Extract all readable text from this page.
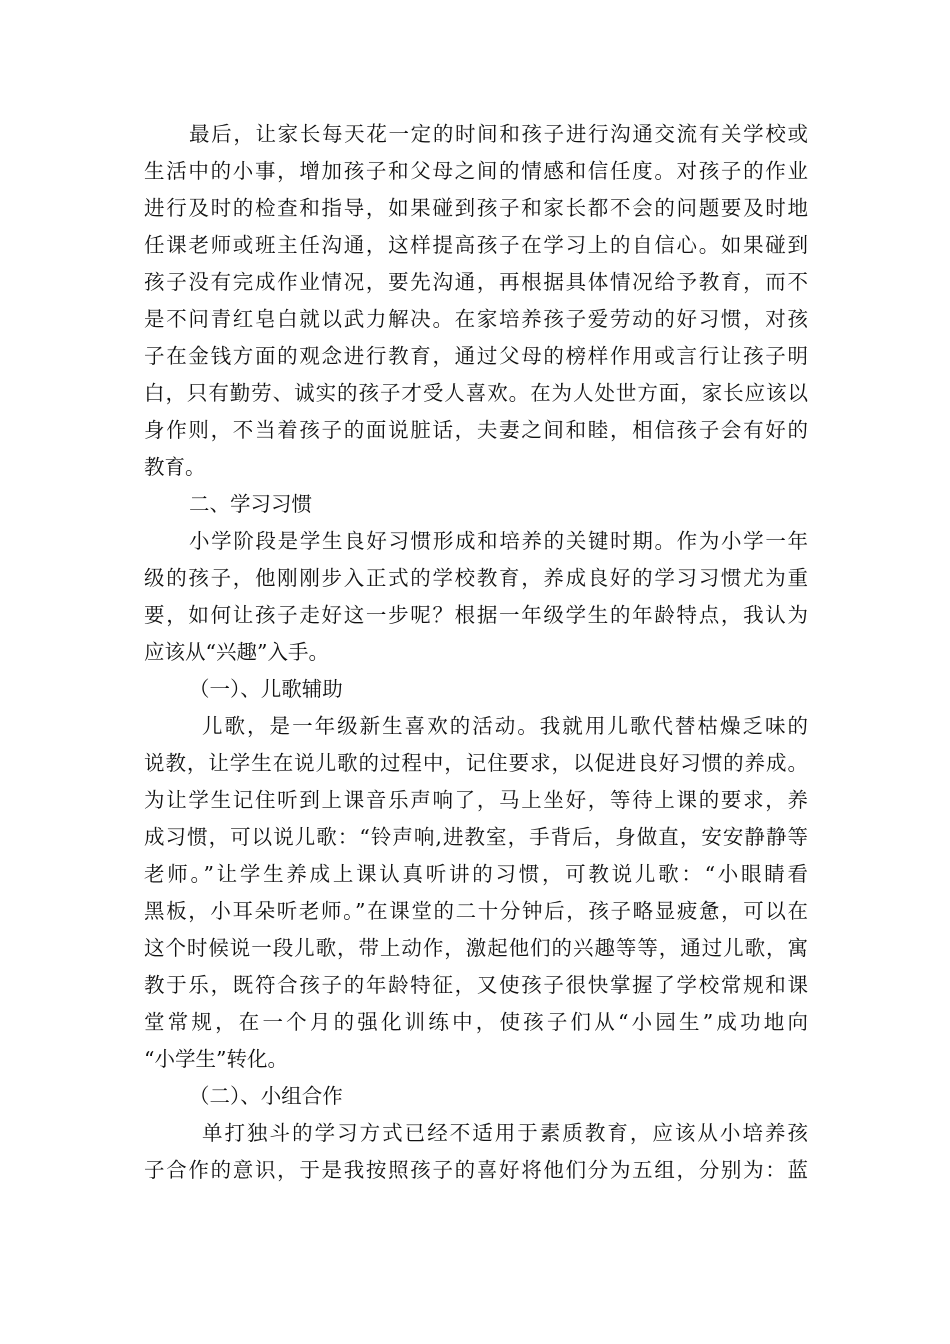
最后，让家长每天花一定的时间和孩子进行沟通交流有关学校或
生活中的小事，增加孩子和父母之间的情感和信任度。对孩子的作业
进行及时的检查和指导，如果碰到孩子和家长都不会的问题要及时地
任课老师或班主任沟通，这样提高孩子在学习上的自信心。如果碰到
孩子没有完成作业情况，要先沟通，再根据具体情况给予教育，而不
是不问青红皂白就以武力解决。在家培养孩子爱劳动的好习惯，对孩
子在金钱方面的观念进行教育，通过父母的榜样作用或言行让孩子明
白，只有勤劳、诚实的孩子才受人喜欢。在为人处世方面，家长应该以
身作则，不当着孩子的面说脏话，夫妻之间和睦，相信孩子会有好的
教育。
二、学习习惯
小学阶段是学生良好习惯形成和培养的关键时期。作为小学一年
级的孩子，他刚刚步入正式的学校教育，养成良好的学习习惯尤为重
要，如何让孩子走好这一步呢？根据一年级学生的年龄特点，我认为
应该从“兴趣”入手。
（一）、儿歌辅助
儿歌，是一年级新生喜欢的活动。我就用儿歌代替枯燥乏味的
说教，让学生在说儿歌的过程中，记住要求，以促进良好习惯的养成。
为让学生记住听到上课音乐声响了，马上坐好，等待上课的要求，养
成习惯，可以说儿歌：“铃声响,进教室，手背后，身做直，安安静静等
老师。”让学生养成上课认真听讲的习惯，可教说儿歌：“小眼睛看
黑板，小耳朵听老师。”在课堂的二十分钟后，孩子略显疲惫，可以在
这个时候说一段儿歌，带上动作，激起他们的兴趣等等，通过儿歌，寓
教于乐，既符合孩子的年龄特征，又使孩子很快掌握了学校常规和课
堂常规，在一个月的强化训练中，使孩子们从“小园生”成功地向
“小学生”转化。
（二）、小组合作
单打独斗的学习方式已经不适用于素质教育，应该从小培养孩
子合作的意识，于是我按照孩子的喜好将他们分为五组，分别为：蓝
